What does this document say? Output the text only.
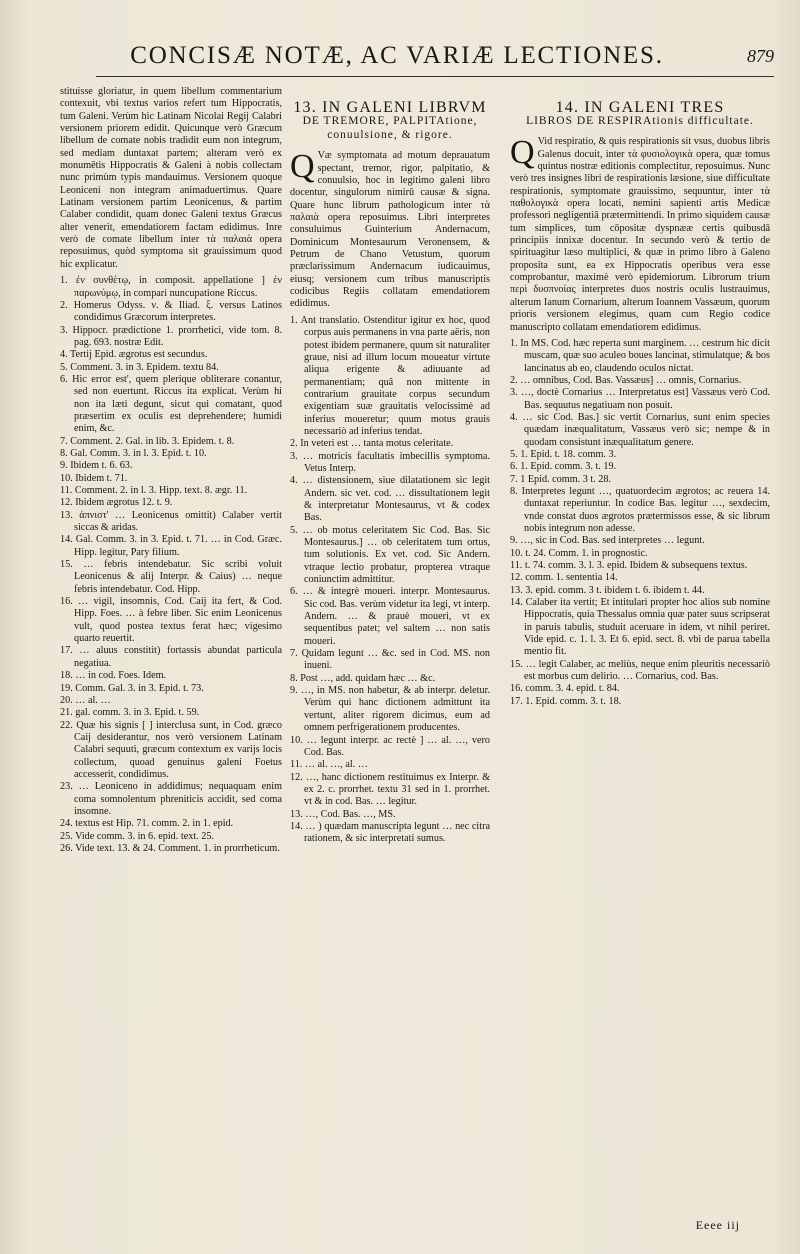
CONCISÆ NOTÆ, AC VARIÆ LECTIONES.	879

stituisse gloriatur, in quem libellum commentarium contexuit, vbi textus varios refert tum Hippocratis, tum Galeni. Verùm hic Latinam Nicolai Regij Calabri versionem priorem edidit. Quicunque verò Græcum libellum de comate nobis tradidit eum non integrum, sed mediam duntaxat partem; alteram verò ex monumētis Hippocratis & Galeni à nobis collectam nunc primùm typis mandauimus. Versionem quoque Leoniceni non integram animaduertimus. Quare Latinam versionem partim Leonicenus, & partim Calaber condidit, quam donec Galeni textus Græcus alter venerit, emendatiorem factam edidimus. Inre verò de comate libellum inter τὰ παλαιὰ opera reposuimus, quòd symptoma sit grauissimum quod hic explicatur.

1. ἐν συνθέτῳ, in composit. appellatione ] ἐν παρωνύμῳ, in compari nuncupatione Riccus.
2. Homerus Odyss. ν. & Iliad. ξ. versus Latinos condidimus Græcorum interpretes.
3. Hippocr. prædictione 1. prorrhetici, vide tom. 8. pag. 693. nostræ Edit.
4. Tertij Epid. ægrotus est secundus.
5. Comment. 3. in 3. Epidem. textu 84.
6. Hic error est', quem plerique obliterare conantur, sed non euertunt. Riccus ita explicat. Verùm hi non ita læti degunt, sicut qui comatant, quod præsertim ex oculis est deprehendere; humidi enim, &c.
7. Comment. 2. Gal. in lib. 3. Epidem. t. 8.
8. Gal. Comm. 3. in l. 3. Epid. t. 10.
9. Ibidem t. 6. 63.
10. Ibidem t. 71.
11. Comment. 2. in l. 3. Hipp. text. 8. ægr. 11.
12. Ibidem ægrotus 12. t. 9.
13. ἀπνιστ' … Leonicenus omittit) Calaber vertit siccas & aridas.
14. Gal. Comm. 3. in 3. Epid. t. 71. … in Cod. Græc. Hipp. legitur, Pary filium.
15. … febris intendebatur. Sic scribi voluit Leonicenus & alij Interpr. & Caius) … neque febris intendebatur. Cod. Hipp.
16. … vigil, insomnis, Cod. Caij ita fert, & Cod. Hipp. Foes. … à febre liber. Sic enim Leonicenus vult, quod postea textus ferat hæc; vigesimo quarto reuertit.
17. … aluus constitit) fortassis abundat particula negatiua.
18. … in cod. Foes. Idem.
19. Comm. Gal. 3. in 3. Epid. t. 73.
20. … al. …
21. gal. comm. 3. in 3. Epid. t. 59.
22. Quæ his signis [ ] interclusa sunt, in Cod. græco Caij desiderantur, nos verò versionem Latinam Calabri sequuti, græcum contextum ex varijs locis collectum, quoad genuinus galeni Foetus accesserit, condidimus.
23. … Leoniceno in addidimus; nequaquam enim coma somnolentum phreniticis accidit, sed coma insomne.
24. textus est Hip. 71. comm. 2. in 1. epid.
25. Vide comm. 3. in 6. epid. text. 25.
26. Vide text. 13. & 24. Comment. 1. in prorrheticum.
13. IN GALENI LIBRVM
DE TREMORE, PALPITAtione, conuulsione, & rigore.

Q Væ symptomata ad motum deprauatum spectant, tremor, rigor, palpitatio, & conuulsio, hoc in legitimo galeni libro docentur, singulorum nimirū causæ & signa. Quare hunc librum pathologicum inter τὰ παλαιὰ opera reposuimus. Libri interpretes consuluimus Guinterium Andernacum, Dominicum Montesaurum Veronensem, & Petrum de Chano Vetustum, quorum præclarissimum Andernacum iudicauimus, eiusq; versionem cum tribus manuscriptis codicibus Regiis collatam emendatiorem edidimus.

1. Ant translatio. Ostenditur igitur ex hoc, quod corpus auis permanens in vna parte aëris, non potest ibidem permanere, quum sit naturaliter graue, nisi ad illum locum moueatur virtute aliqua erigente & adiuuante ad permanentiam; quâ non mittente in contrarium grauitate corpus secundum exigentiam suæ grauitatis velocissimè ad inferius moueretur; quum motus grauis necessariò ad inferius tendat.
2. In veteri est … tanta motus celeritate.
3. … motricis facultatis imbecillis symptoma. Vetus Interp.
4. … distensionem, siue dilatationem sic legit Andern. sic vet. cod. … dissultationem legit & interpretatur Montesaurus, vt & codex Bas.
5. … ob motus celeritatem Sic Cod. Bas. Sic Montesaurus.] … ob celeritatem tum ortus, tum solutionis. Ex vet. cod. Sic Andern. vtraque lectio probatur, propterea vtraque coniunctim admittitur.
6. … & integrè moueri. interpr. Montesaurus. Sic cod. Bas. verùm videtur ita legi, vt interp. Andern. … & prauè moueri, vt ex sequentibus patet; vel saltem … non satis moueri.
7. Quidam legunt … &c. sed in Cod. MS. non inueni.
8. Post …, add. quidam hæc … &c.
9. …, in MS. non habetur, & ab interpr. deletur. Verùm qui hanc dictionem admittunt ita vertunt, aliter rigorem dicimus, eum ad omnem perfrigerationem producentes.
10. … legunt interpr. ac rectè ] … al. …, vero Cod. Bas.
11. … al. …, al. …
12. …, hanc dictionem restituimus ex Interpr. & ex 2. c. prorrhet. textu 31 sed in 1. prorrhet. vt & in cod. Bas. … legitur.
13. …, Cod. Bas. …, MS.
14. … ) quædam manuscripta legunt … nec citra rationem, & sic interpretati sumus.
14. IN GALENI TRES
LIBROS DE RESPIRAtionis difficultate.

Q Vid respiratio, & quis respirationis sit vsus, duobus libris Galenus docuit, inter τὰ φυσιολογικὰ opera, quæ tomus quintus nostræ editionis complectitur, reposuimus. Nunc verò tres insignes libri de respirationis læsione, siue difficultate respirationis, symptomate grauissimo, sequuntur, inter τὰ παθολογικὰ opera locati, nemini sapienti artis Medicæ professori negligentiā prætermittendi. In primo siquidem causæ tum simplices, tum cōpositæ dyspnææ certis quibusdā principiis innixæ docentur. In secundo verò & tertio de spirituagitur læso multiplici, & quæ in primo libro à Galeno proposita sunt, ea ex Hippocratis operibus vera esse comprobantur, maximè verò epidemiorum. Librorum trium περὶ δυσπνοίας interpretes duos nostris oculis lustrauimus, alterum Ianum Cornarium, alterum Ioannem Vassæum, quorum prioris versionem elegimus, quam cum Regio codice manuscripto collatam emendatiorem edidimus.

1. In MS. Cod. hæc reperta sunt marginem. … cestrum hic dicit muscam, quæ suo aculeo boues lancinat, stimulatque; & bos lancinatus ab eo, claudendo oculos nictat.
2. … omnibus, Cod. Bas. Vassæus] … omnis, Cornarius.
3. …, doctè Cornarius … Interpretatus est] Vassæus verò Cod. Bas. sequutus negatiuam non posuit.
4. … sic Cod. Bas.] sic vertit Cornarius, sunt enim species quædam inæqualitatum, Vassæus verò sic; nempe & in quodam consistunt inæqualitatum genere.
5. 1. Epid. t. 18. comm. 3.
6. 1. Epid. comm. 3. t. 19.
7. 1 Epid. comm. 3 t. 28.
8. Interpretes legunt …, quatuordecim ægrotos; ac reuera 14. duntaxat reperiuntur. In codice Bas. legitur …, sexdecim, vnde constat duos ægrotos prætermissos esse, & sic librum nobis integrum non adesse.
9. …, sic in Cod. Bas. sed interpretes … legunt.
10. t. 24. Comm. 1. in prognostic.
11. t. 74. comm. 3. l. 3. epid. Ibidem & subsequens textus.
12. comm. 1. sententia 14.
13. 3. epid. comm. 3 t. ibidem t. 6. ibidem t. 44.
14. Calaber ita vertit; Et intitulari propter hoc alios sub nomine Hippocratis, quia Thessalus omnia quæ pater suus scripserat in paruis tabulis, studuit aceruare in idem, vt nihil periret. Vide epid. c. 1. l. 3. Et 6. epid. sect. 8. vbi de parua tabella mentio fit.
15. … legit Calaber, ac meliùs, neque enim pleuritis necessariò est morbus cum delirio. … Cornarius, cod. Bas.
16. comm. 3. 4. epid. t. 84.
17. 1. Epid. comm. 3. t. 18.
Eeee iij
